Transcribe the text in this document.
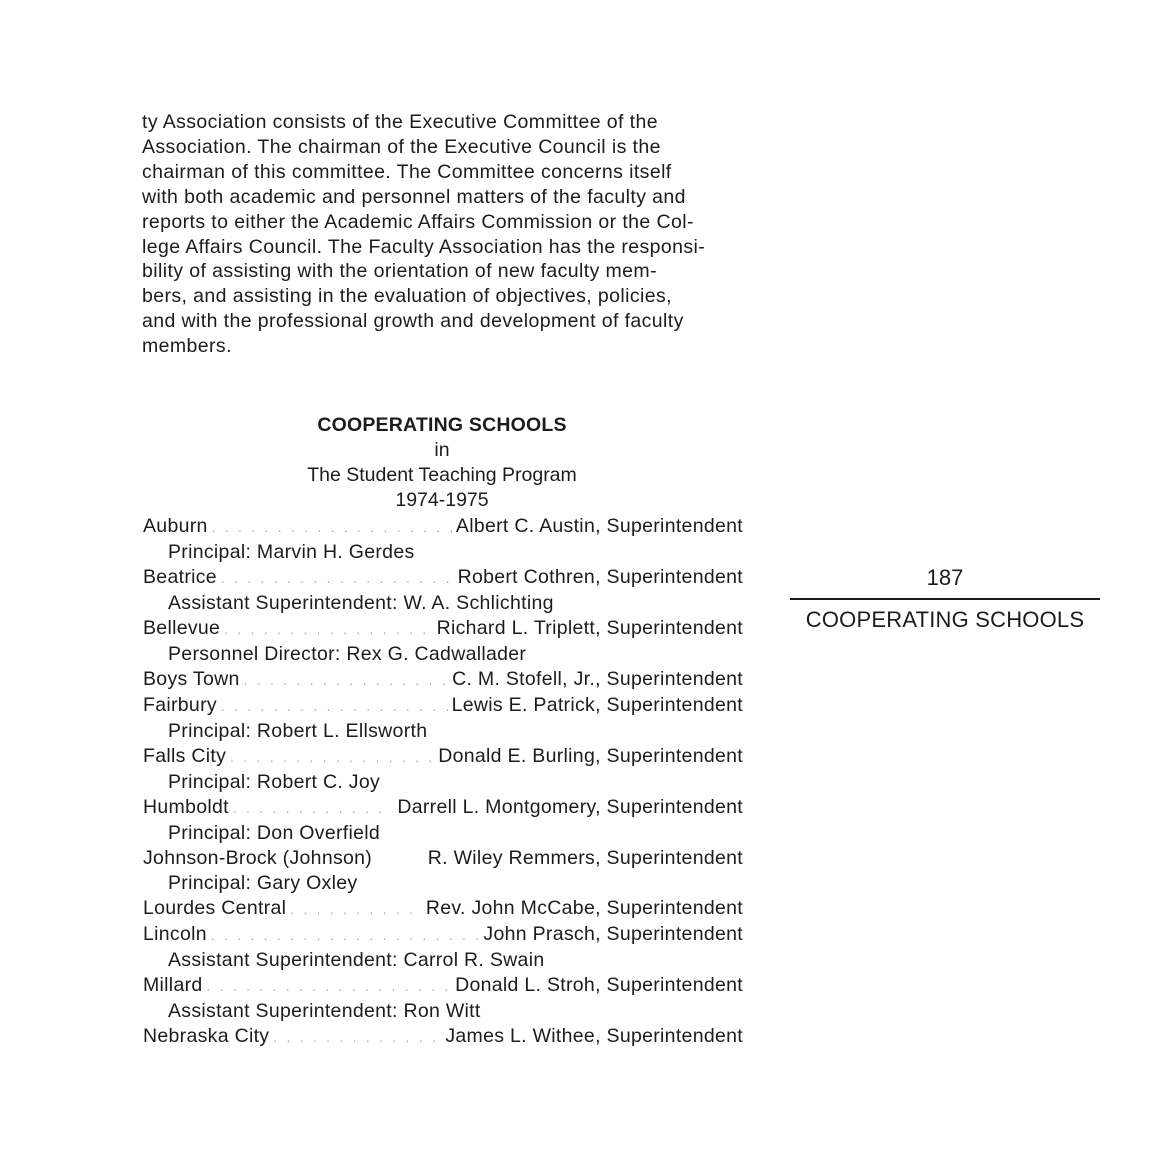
ty Association consists of the Executive Committee of the
Association. The chairman of the Executive Council is the
chairman of this committee. The Committee concerns itself
with both academic and personnel matters of the faculty and
reports to either the Academic Affairs Commission or the Col-
lege Affairs Council. The Faculty Association has the responsi-
bility of assisting with the orientation of new faculty mem-
bers, and assisting in the evaluation of objectives, policies,
and with the professional growth and development of faculty
members.
COOPERATING SCHOOLS
in
The Student Teaching Program
1974-1975
Auburn . . .	Albert C. Austin, Superintendent
Principal: Marvin H. Gerdes
Beatrice . . .	Robert Cothren, Superintendent
Assistant Superintendent: W. A. Schlichting
Bellevue . . .	Richard L. Triplett, Superintendent
Personnel Director: Rex G. Cadwallader
Boys Town . . .	C. M. Stofell, Jr., Superintendent
Fairbury . . .	Lewis E. Patrick, Superintendent
Principal: Robert L. Ellsworth
Falls City . . .	Donald E. Burling, Superintendent
Principal: Robert C. Joy
Humboldt . . .	Darrell L. Montgomery, Superintendent
Principal: Don Overfield
Johnson-Brock (Johnson)	R. Wiley Remmers, Superintendent
Principal: Gary Oxley
Lourdes Central . . .	Rev. John McCabe, Superintendent
Lincoln . . .	John Prasch, Superintendent
Assistant Superintendent: Carrol R. Swain
Millard . . .	Donald L. Stroh, Superintendent
Assistant Superintendent: Ron Witt
Nebraska City . . .	James L. Withee, Superintendent
187
COOPERATING SCHOOLS
